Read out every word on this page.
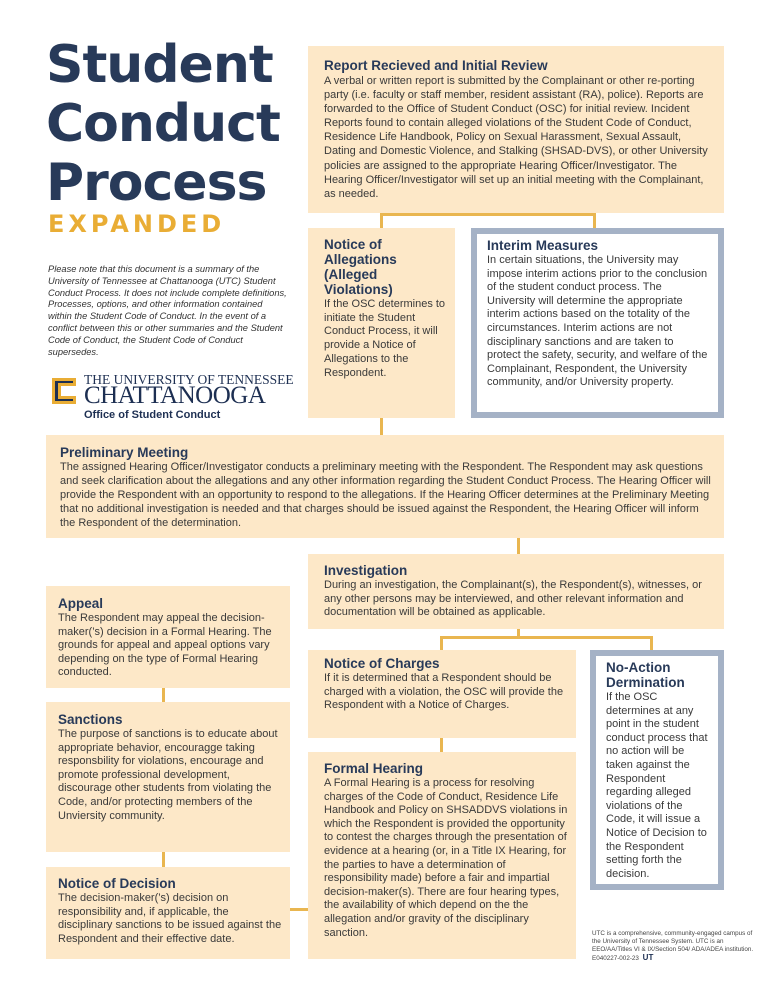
Student
Conduct
Process
EXPANDED
Please note that this document is a summary of the University of Tennessee at Chattanooga (UTC) Student Conduct Process. It does not include complete definitions, Processes, options, and other information contained within the Student Code of Conduct. In the event of a conflict between this or other summaries and the Student Code of Conduct, the Student Code of Conduct supersedes.
THE UNIVERSITY OF TENNESSEE
CHATTANOOGA
Office of Student Conduct
Report Recieved and Initial Review

A verbal or written report is submitted by the Complainant or other re-porting party (i.e. faculty or staff member, resident assistant (RA), police). Reports are forwarded to the Office of Student Conduct (OSC) for initial review. Incident Reports found to contain alleged violations of the Student Code of Conduct, Residence Life Handbook, Policy on Sexual Harassment, Sexual Assault, Dating and Domestic Violence, and Stalking (SHSAD-DVS), or other University policies are assigned to the appropriate Hearing Officer/Investigator. The Hearing Officer/Investigator will set up an initial meeting with the Complainant, as needed.

Notice of Allegations (Alleged Violations)

If the OSC determines to initiate the Student Conduct Process, it will provide a Notice of Allegations to the Respondent.

Interim Measures

In certain situations, the University may impose interim actions prior to the conclusion of the student conduct process. The University will determine the appropriate interim actions based on the totality of the circumstances. Interim actions are not disciplinary sanctions and are taken to protect the safety, security, and welfare of the Complainant, Respondent, the University community, and/or University property.

Preliminary Meeting

The assigned Hearing Officer/Investigator conducts a preliminary meeting with the Respondent. The Respondent may ask questions and seek clarification about the allegations and any other information regarding the Student Conduct Process. The Hearing Officer will provide the Respondent with an opportunity to respond to the allegations. If the Hearing Officer determines at the Preliminary Meeting that no additional investigation is needed and that charges should be issued against the Respondent, the Hearing Officer will inform the Respondent of the determination.

Investigation

During an investigation, the Complainant(s), the Respondent(s), witnesses, or any other persons may be interviewed, and other relevant information and documentation will be obtained as applicable.

Appeal

The Respondent may appeal the decision-maker(’s) decision in a Formal Hearing. The grounds for appeal and appeal options vary depending on the type of Formal Hearing conducted.

Sanctions

The purpose of sanctions is to educate about appropriate behavior, encouragge taking responsbility for violations, encourage and promote professional development, discourage other students from violating the Code, and/or protecting members of the Unviersity community.

Notice of Decision

The decision-maker(’s) decision on responsibility and, if applicable, the disciplinary sanctions to be issued against the Respondent and their effective date.

Notice of Charges

If it is determined that a Respondent should be charged with a violation, the OSC will provide the Respondent with a Notice of Charges.

Formal Hearing

A Formal Hearing is a process for resolving charges of the Code of Conduct, Residence Life Handbook and Policy on SHSADDVS violations in which the Respondent is provided the opportunity to contest the charges through the presentation of evidence at a hearing (or, in a Title IX Hearing, for the parties to have a determination of responsibility made) before a fair and impartial decision-maker(s). There are four hearing types, the availability of which depend on the the allegation and/or gravity of the disciplinary sanction.

No-Action Dermination

If the OSC determines at any point in the student conduct process that no action will be taken against the Respondent regarding alleged violations of the Code, it will issue a Notice of Decision to the Respondent setting forth the decision.

UTC is a comprehensive, community-engaged campus of the University of Tennessee System. UTC is an EEO/AA/Titles VI & IX/Section 504/ ADA/ADEA institution. E040227-002-23 UT
